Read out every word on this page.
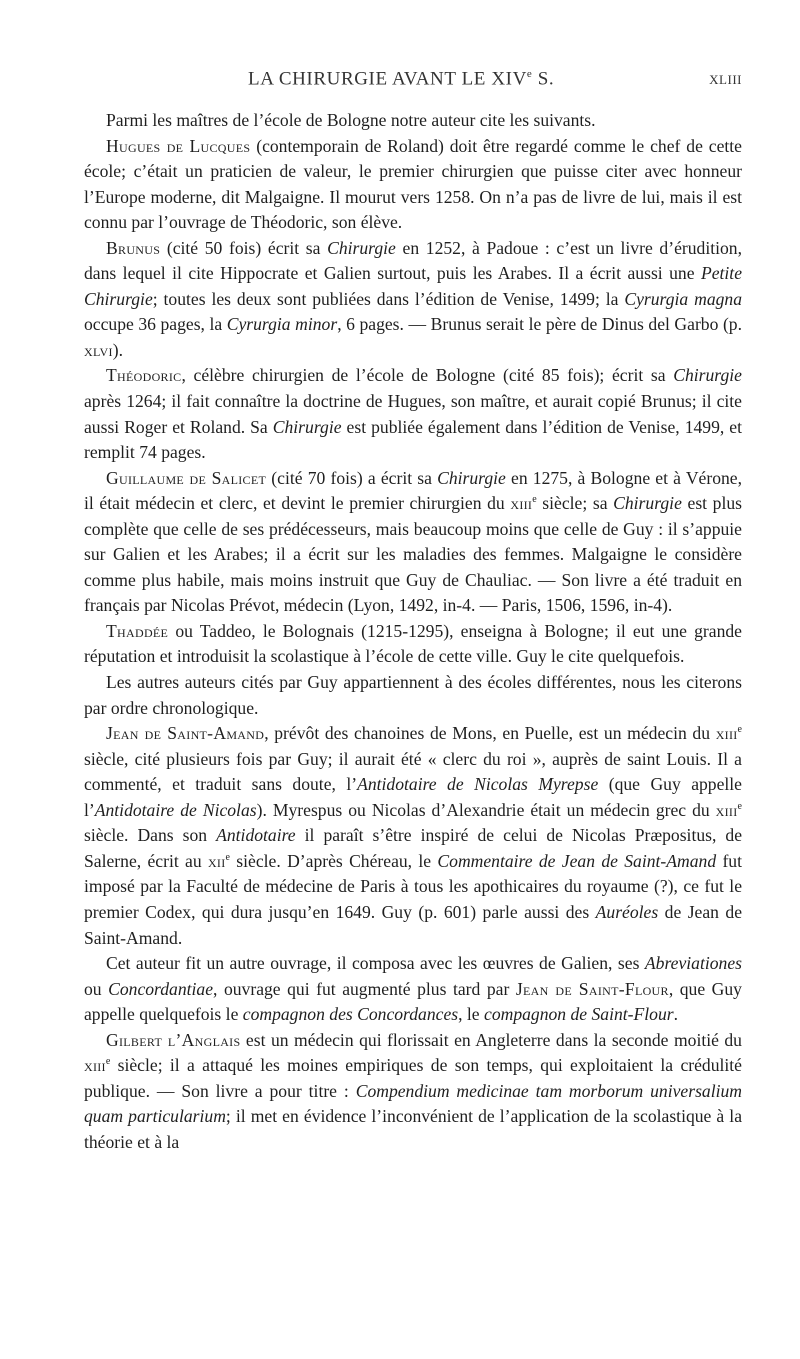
LA CHIRURGIE AVANT LE XIVe S.	XLIII

Parmi les maîtres de l’école de Bologne notre auteur cite les suivants.

Hugues de Lucques (contemporain de Roland) doit être regardé comme le chef de cette école; c’était un praticien de valeur, le premier chirurgien que puisse citer avec honneur l’Europe moderne, dit Malgaigne. Il mourut vers 1258. On n’a pas de livre de lui, mais il est connu par l’ouvrage de Théodoric, son élève.

Brunus (cité 50 fois) écrit sa Chirurgie en 1252, à Padoue : c’est un livre d’érudition, dans lequel il cite Hippocrate et Galien surtout, puis les Arabes. Il a écrit aussi une Petite Chirurgie; toutes les deux sont publiées dans l’édition de Venise, 1499; la Cyrurgia magna occupe 36 pages, la Cyrurgia minor, 6 pages. — Brunus serait le père de Dinus del Garbo (p. xlvi).

Théodoric, célèbre chirurgien de l’école de Bologne (cité 85 fois); écrit sa Chirurgie après 1264; il fait connaître la doctrine de Hugues, son maître, et aurait copié Brunus; il cite aussi Roger et Roland. Sa Chirurgie est publiée également dans l’édition de Venise, 1499, et remplit 74 pages.

Guillaume de Salicet (cité 70 fois) a écrit sa Chirurgie en 1275, à Bologne et à Vérone, il était médecin et clerc, et devint le premier chirurgien du xiii$^e$ siècle; sa Chirurgie est plus complète que celle de ses prédécesseurs, mais beaucoup moins que celle de Guy : il s’appuie sur Galien et les Arabes; il a écrit sur les maladies des femmes. Malgaigne le considère comme plus habile, mais moins instruit que Guy de Chauliac. — Son livre a été traduit en français par Nicolas Prévot, médecin (Lyon, 1492, in-4. — Paris, 1506, 1596, in-4).

Thaddée ou Taddeo, le Bolognais (1215-1295), enseigna à Bologne; il eut une grande réputation et introduisit la scolastique à l’école de cette ville. Guy le cite quelquefois.

Les autres auteurs cités par Guy appartiennent à des écoles différentes, nous les citerons par ordre chronologique.

Jean de Saint-Amand, prévôt des chanoines de Mons, en Puelle, est un médecin du xiii$^e$ siècle, cité plusieurs fois par Guy; il aurait été « clerc du roi », auprès de saint Louis. Il a commenté, et traduit sans doute, l’Antidotaire de Nicolas Myrepse (que Guy appelle l’Antidotaire de Nicolas). Myrespus ou Nicolas d’Alexandrie était un médecin grec du xiii$^e$ siècle. Dans son Antidotaire il paraît s’être inspiré de celui de Nicolas Præpositus, de Salerne, écrit au xii$^e$ siècle. D’après Chéreau, le Commentaire de Jean de Saint-Amand fut imposé par la Faculté de médecine de Paris à tous les apothicaires du royaume (?), ce fut le premier Codex, qui dura jusqu’en 1649. Guy (p. 601) parle aussi des Auréoles de Jean de Saint-Amand.

Cet auteur fit un autre ouvrage, il composa avec les œuvres de Galien, ses Abreviationes ou Concordantiae, ouvrage qui fut augmenté plus tard par Jean de Saint-Flour, que Guy appelle quelquefois le compagnon des Concordances, le compagnon de Saint-Flour.

Gilbert l’Anglais est un médecin qui florissait en Angleterre dans la seconde moitié du xiii$^e$ siècle; il a attaqué les moines empiriques de son temps, qui exploitaient la crédulité publique. — Son livre a pour titre : Compendium medicinae tam morborum universalium quam particularium; il met en évidence l’inconvénient de l’application de la scolastique à la théorie et à la
